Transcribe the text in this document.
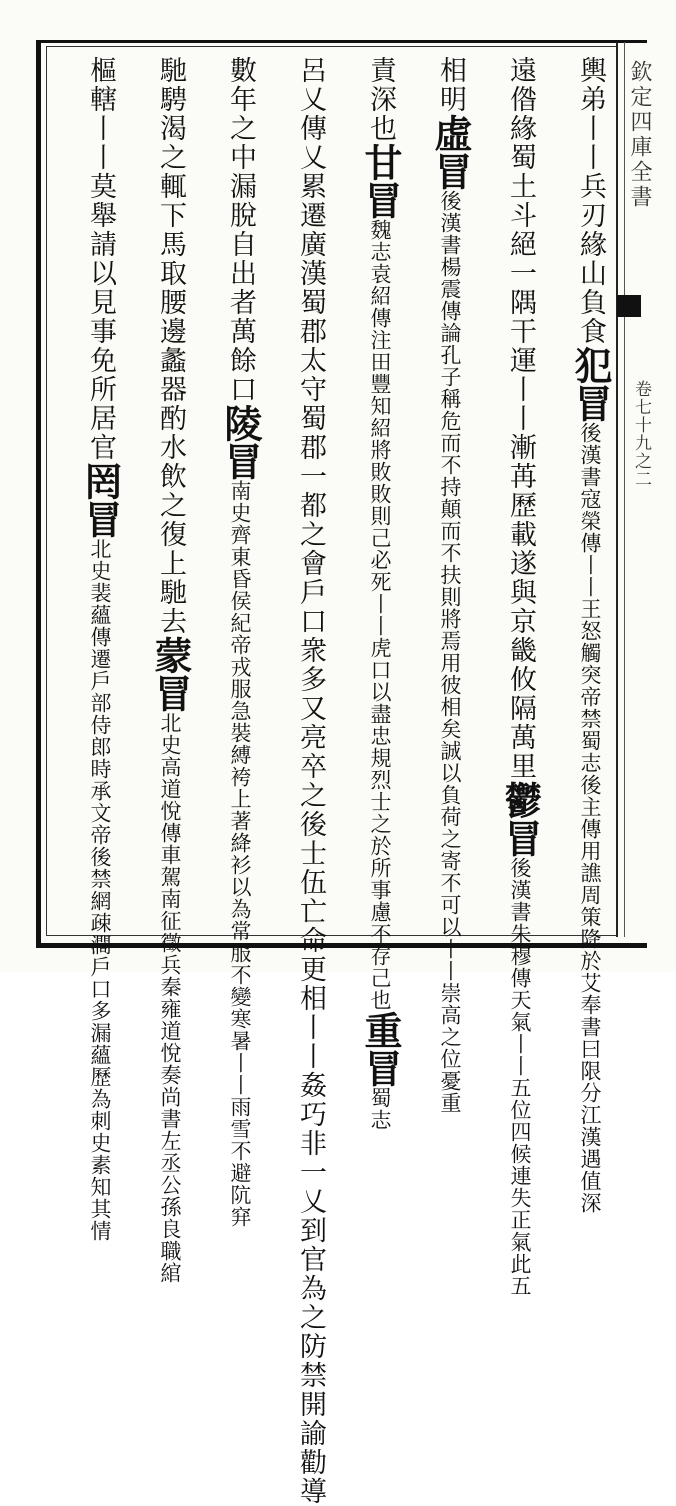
欽定四庫全書
卷七十九之二
輿弟丨丨兵刃緣山負食犯冒後漢書寇榮傳丨丨王怒觸突帝禁蜀志後主傳用譙周策降於艾奉書曰限分江漢遇值深
遠偺緣蜀土斗絕一隅干運丨丨漸苒歷載遂與京畿攸隔萬里鬱冒後漢書朱穆傳天氣丨丨五位四候連失正氣此五
相明虛冒後漢書楊震傳論孔子稱危而不持顛而不扶則將焉用彼相矣誠以負荷之寄不可以丨丨崇高之位憂重
責深也甘冒魏志袁紹傳注田豐知紹將敗敗則己必死丨丨虎口以盡忠規烈士之於所事慮不存己也重冒蜀志
呂乂傳乂累遷廣漢蜀郡太守蜀郡一都之會戶口衆多又亮卒之後士伍亡命更相丨丨姦巧非一乂到官為之防禁開諭勸導
數年之中漏脫自出者萬餘口陵冒南史齊東昏侯紀帝戎服急裝縛袴上著絳衫以為常服不變寒暑丨丨雨雪不避阬穽
馳騁渴之輒下馬取腰邊蠡器酌水飲之復上馳去蒙冒北史高道悅傳車駕南征徵兵秦雍道悅奏尚書左丞公孫良職綰
樞轄丨丨莫舉請以見事免所居官罔冒北史裴蘊傳遷戶部侍郎時承文帝後禁網疎濶戶口多漏蘊歷為刺史素知其情
